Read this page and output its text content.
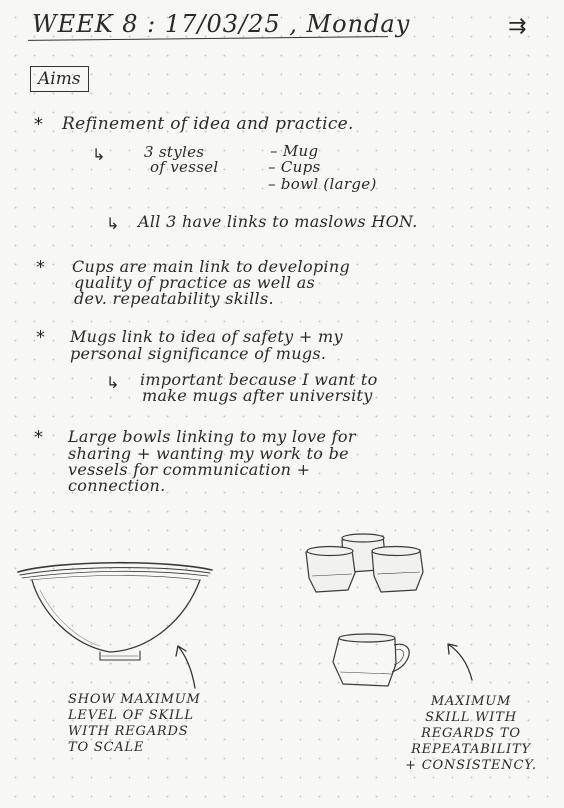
WEEK 8 : 17/03/25 , Monday	⇉
Aims
* Refinement of idea and practice.
↳	3 styles
of vessel
– Mug
– Cups
– bowl (large)
↳ All 3 have links to maslows HON.
* Cups are main link to developing
quality of practice as well as
dev. repeatability skills.
* Mugs link to idea of safety + my
personal significance of mugs.
↳ important because I want to
make mugs after university
* Large bowls linking to my love for
sharing + wanting my work to be
vessels for communication +
connection.
SHOW MAXIMUM
LEVEL OF SKILL
WITH REGARDS
TO SCALE
MAXIMUM
SKILL WITH
REGARDS TO
REPEATABILITY
+ CONSISTENCY.
